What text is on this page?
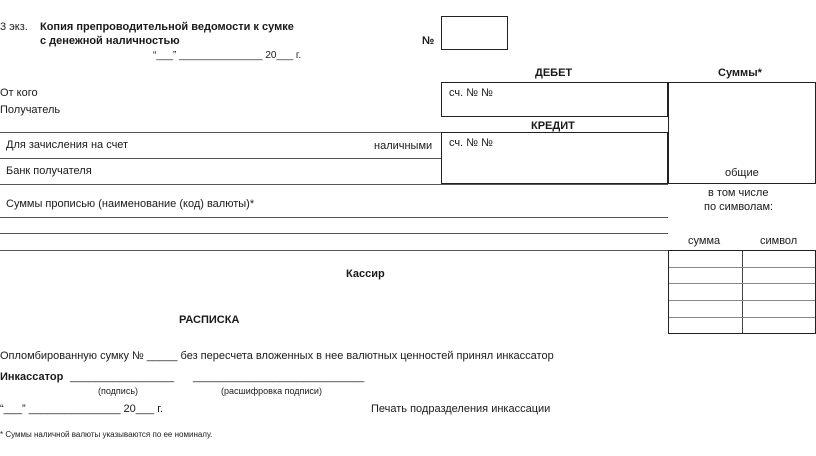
3 экз. Копия препроводительной ведомости к сумке
с денежной наличностью
“___” _______________ 20___ г.
№
ДЕБЕТ	Суммы*
От кого
Получатель
сч. № №
КРЕДИТ
сч. № №
наличными
общие
Для зачисления на счет
Банк получателя
в том числе
по символам:
Суммы прописью (наименование (код) валюты)*
сумма	символ
Кассир
РАСПИСКА
Опломбированную сумку № _____ без пересчета вложенных в нее валютных ценностей принял инкассатор
Инкассатор _________________ ____________________________
(подпись)	(расшифровка подписи)
“___” _______________ 20___ г.	Печать подразделения инкассации
* Суммы наличной валюты указываются по ее номиналу.
